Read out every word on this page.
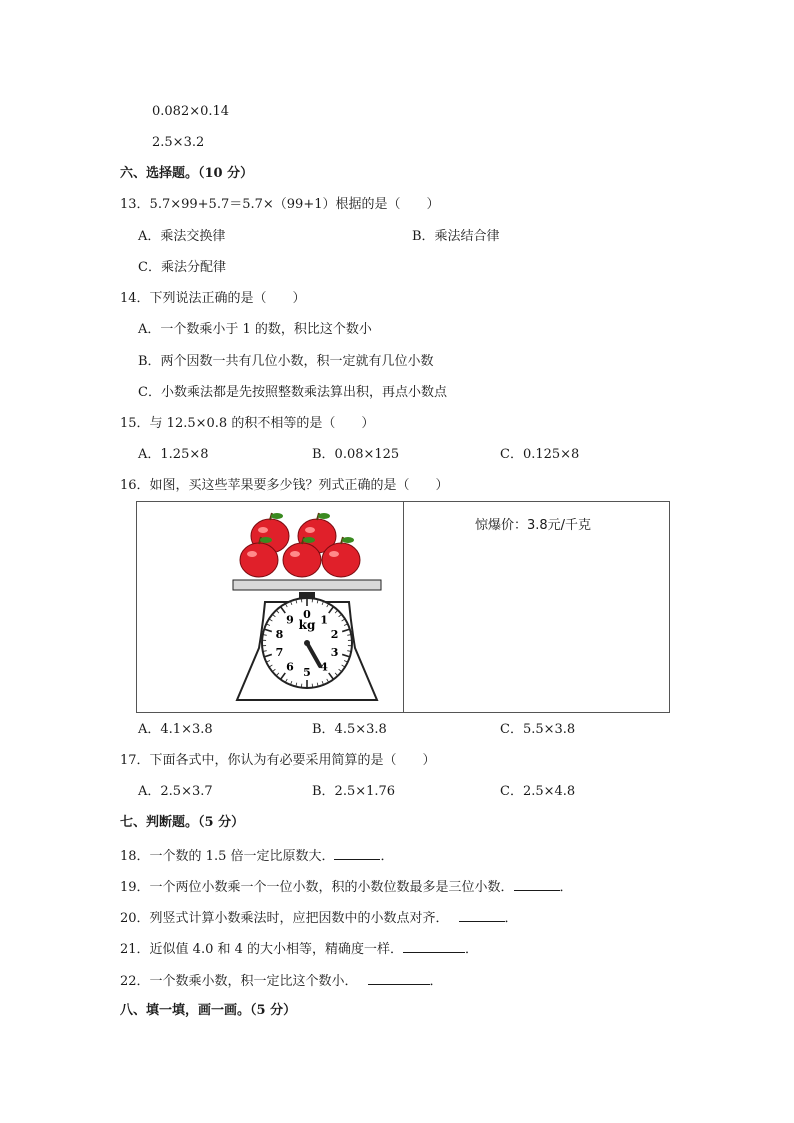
0.082×0.14
2.5×3.2
六、选择题。（10 分）
13．5.7×99+5.7＝5.7×（99+1）根据的是（　　）
A．乘法交换律	B．乘法结合律
C．乘法分配律
14．下列说法正确的是（　　）
A．一个数乘小于 1 的数，积比这个数小
B．两个因数一共有几位小数，积一定就有几位小数
C．小数乘法都是先按照整数乘法算出积，再点小数点
15．与 12.5×0.8 的积不相等的是（　　）
A．1.25×8	B．0.08×125	C．0.125×8
16．如图，买这些苹果要多少钱？列式正确的是（　　）
0 1
2
3
4
5
6
7
8
9 kg
惊爆价：3.8元/千克
A．4.1×3.8	B．4.5×3.8	C．5.5×3.8
17．下面各式中，你认为有必要采用简算的是（　　）
A．2.5×3.7	B．2.5×1.76	C．2.5×4.8
七、判断题。（5 分）
18．一个数的 1.5 倍一定比原数大．	．
19．一个两位小数乘一个一位小数，积的小数位数最多是三位小数．	．
20．列竖式计算小数乘法时，应把因数中的小数点对齐．	．
21．近似值 4.0 和 4 的大小相等，精确度一样．	．
22．一个数乘小数，积一定比这个数小．	．
八、填一填，画一画。（5 分）
